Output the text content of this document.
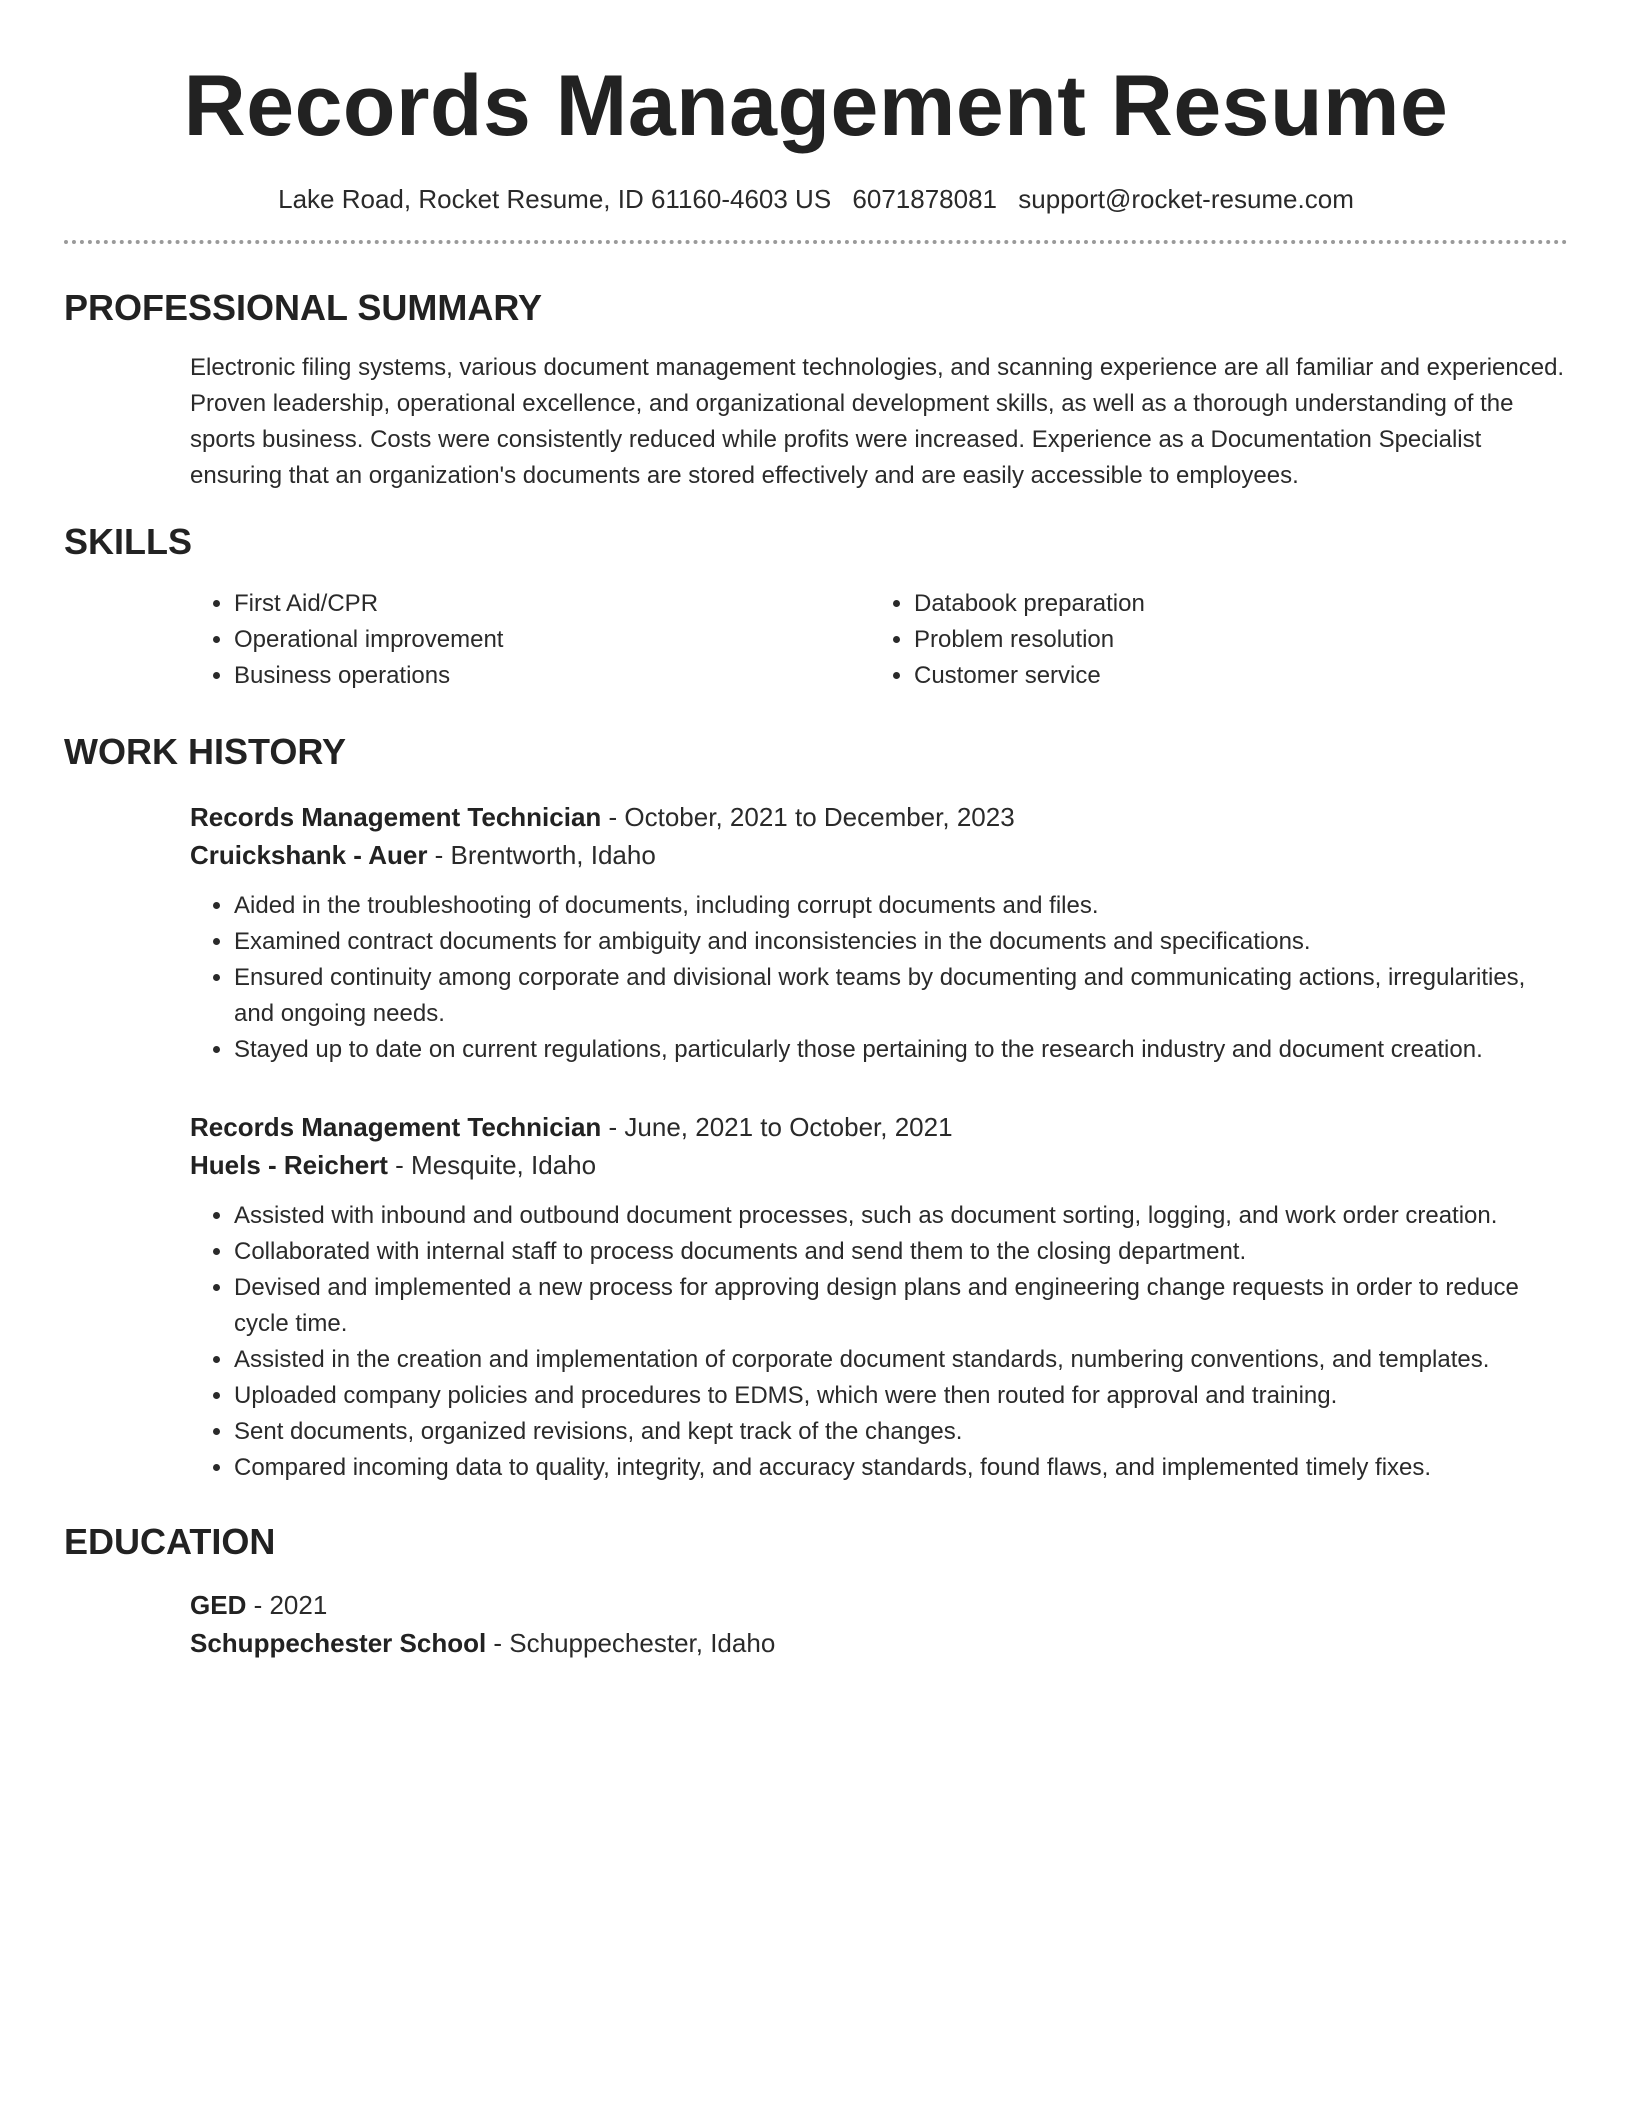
Records Management Resume
Lake Road, Rocket Resume, ID 61160-4603 US 6071878081 support@rocket-resume.com
PROFESSIONAL SUMMARY
Electronic filing systems, various document management technologies, and scanning experience are all familiar and experienced. Proven leadership, operational excellence, and organizational development skills, as well as a thorough understanding of the sports business. Costs were consistently reduced while profits were increased. Experience as a Documentation Specialist ensuring that an organization's documents are stored effectively and are easily accessible to employees.
SKILLS
• First Aid/CPR
• Operational improvement
• Business operations
• Databook preparation
• Problem resolution
• Customer service
WORK HISTORY
Records Management Technician - October, 2021 to December, 2023
Cruickshank - Auer - Brentworth, Idaho
• Aided in the troubleshooting of documents, including corrupt documents and files.
• Examined contract documents for ambiguity and inconsistencies in the documents and specifications.
• Ensured continuity among corporate and divisional work teams by documenting and communicating actions, irregularities, and ongoing needs.
• Stayed up to date on current regulations, particularly those pertaining to the research industry and document creation.
Records Management Technician - June, 2021 to October, 2021
Huels - Reichert - Mesquite, Idaho
• Assisted with inbound and outbound document processes, such as document sorting, logging, and work order creation.
• Collaborated with internal staff to process documents and send them to the closing department.
• Devised and implemented a new process for approving design plans and engineering change requests in order to reduce cycle time.
• Assisted in the creation and implementation of corporate document standards, numbering conventions, and templates.
• Uploaded company policies and procedures to EDMS, which were then routed for approval and training.
• Sent documents, organized revisions, and kept track of the changes.
• Compared incoming data to quality, integrity, and accuracy standards, found flaws, and implemented timely fixes.
EDUCATION
GED - 2021
Schuppechester School - Schuppechester, Idaho
